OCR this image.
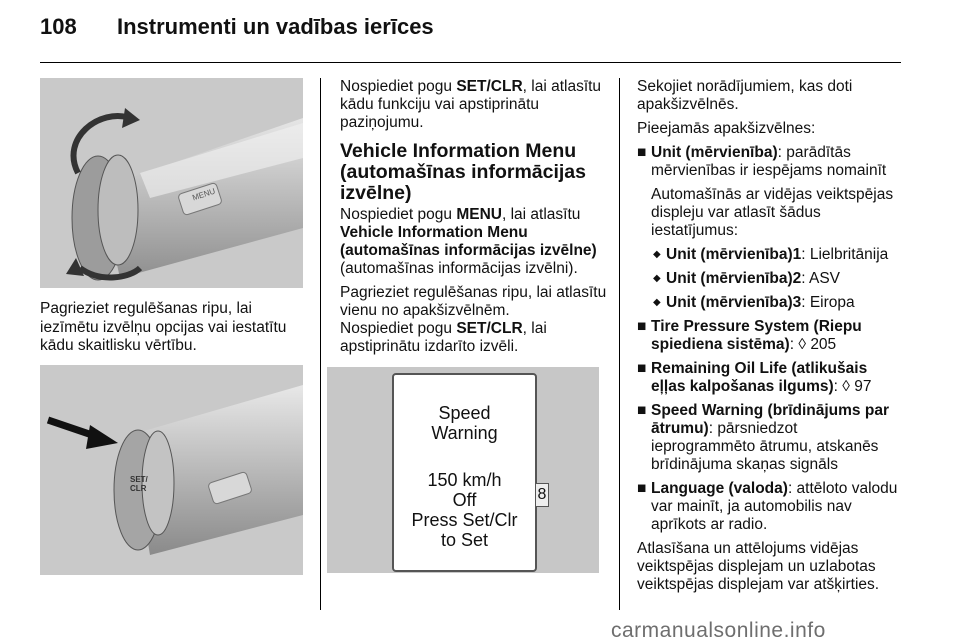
108 Instrumenti un vadības ierīces
MENU
Pagrieziet regulēšanas ripu, lai iezīmētu izvēlņu opcijas vai iestatītu kādu skaitlisku vērtību.
SET/ CLR

Nospiediet pogu SET/CLR, lai atlasītu kādu funkciju vai apstiprinātu paziņojumu.

Vehicle Information Menu (automašīnas informācijas izvēlne)

Nospiediet pogu MENU, lai atlasītu Vehicle Information Menu (automašīnas informācijas izvēlne) (automašīnas informācijas izvēlni).

Pagrieziet regulēšanas ripu, lai atlasītu vienu no apakšizvēlnēm.

Nospiediet pogu SET/CLR, lai apstiprinātu izdarīto izvēli.

Speed
Warning
150 km/h
Off
Press Set/Clr
to Set
8

Sekojiet norādījumiem, kas doti apakšizvēlnēs.

Pieejamās apakšizvēlnes:

■ Unit (mērvienība): parādītās mērvienības ir iespējams nomainīt
Automašīnās ar vidējas veiktspējas displeju var atlasīt šādus iestatījumus:
◆ Unit (mērvienība)1: Lielbritānija
◆ Unit (mērvienība)2: ASV
◆ Unit (mērvienība)3: Eiropa
■ Tire Pressure System (Riepu spiediena sistēma): ◊ 205
■ Remaining Oil Life (atlikušais eļļas kalpošanas ilgums): ◊ 97
■ Speed Warning (brīdinājums par ātrumu): pārsniedzot ieprogrammēto ātrumu, atskanēs brīdinājuma skaņas signāls
■ Language (valoda): attēloto valodu var mainīt, ja automobilis nav aprīkots ar radio.

Atlasīšana un attēlojums vidējas veiktspējas displejam un uzlabotas veiktspējas displejam var atšķirties.

carmanualsonline.info
